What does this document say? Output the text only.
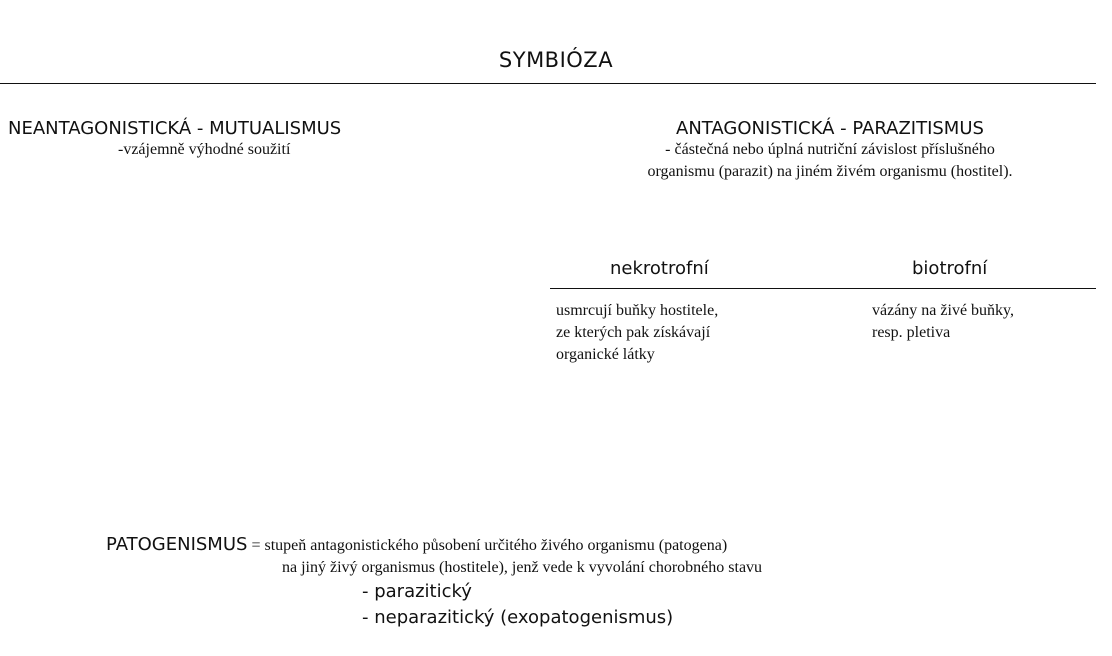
SYMBIÓZA
NEANTAGONISTICKÁ - MUTUALISMUS
-vzájemně výhodné soužití
ANTAGONISTICKÁ - PARAZITISMUS
- částečná nebo úplná nutriční závislost příslušného
organismu (parazit) na jiném živém organismu (hostitel).
nekrotrofní	biotrofní
usmrcují buňky hostitele,
ze kterých pak získávají
organické látky
vázány na živé buňky,
resp. pletiva
PATOGENISMUS = stupeň antagonistického působení určitého živého organismu (patogena)
na jiný živý organismus (hostitele), jenž vede k vyvolání chorobného stavu
- parazitický
- neparazitický (exopatogenismus)
